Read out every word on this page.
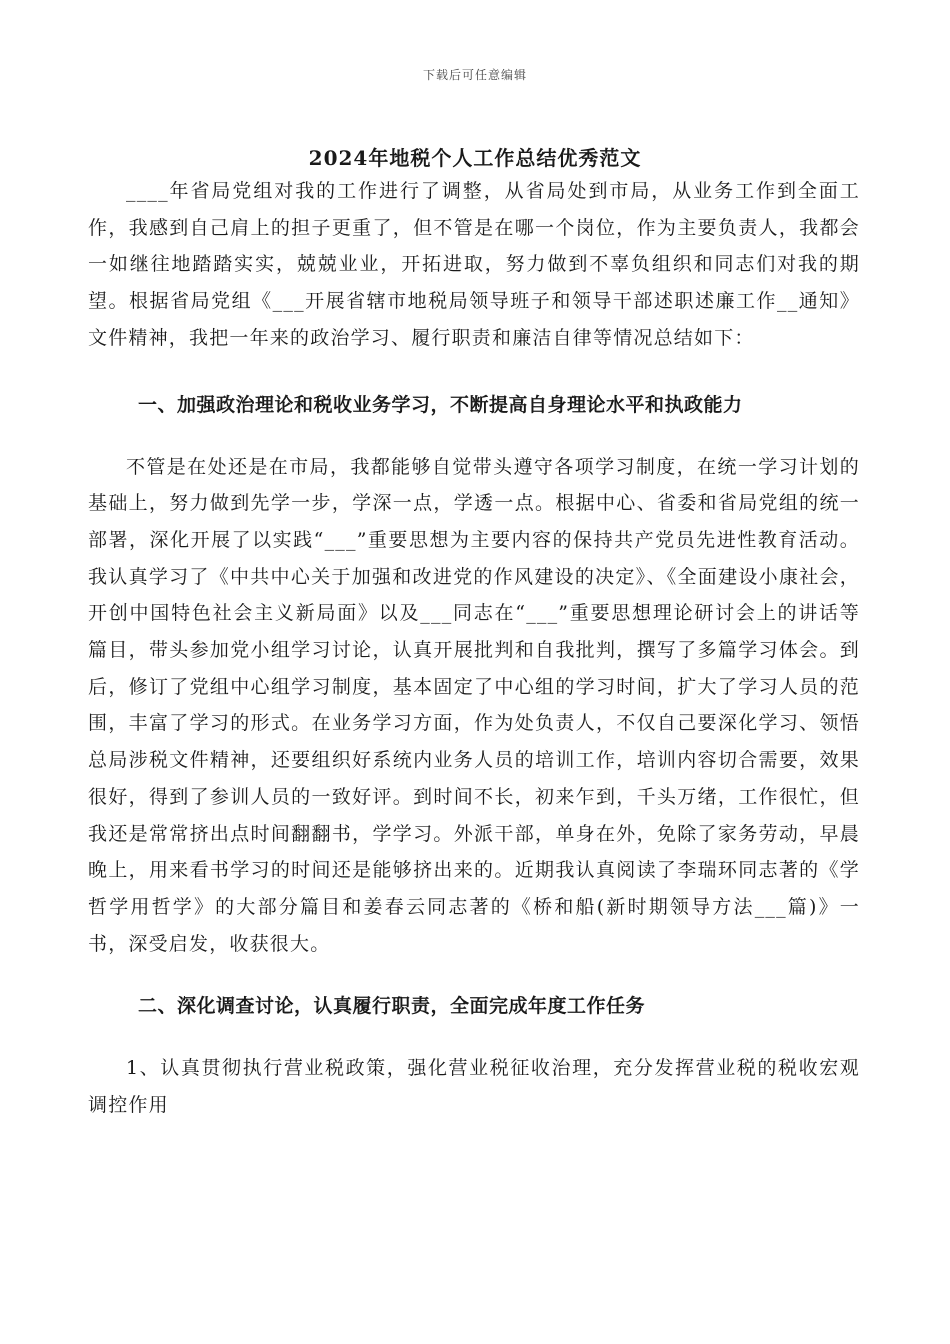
下载后可任意编辑
2024年地税个人工作总结优秀范文

____年省局党组对我的工作进行了调整，从省局处到市局，从业务工作到全面工作，我感到自己肩上的担子更重了，但不管是在哪一个岗位，作为主要负责人，我都会一如继往地踏踏实实，兢兢业业，开拓进取，努力做到不辜负组织和同志们对我的期望。根据省局党组《___开展省辖市地税局领导班子和领导干部述职述廉工作__通知》文件精神，我把一年来的政治学习、履行职责和廉洁自律等情况总结如下：

一、加强政治理论和税收业务学习，不断提高自身理论水平和执政能力

不管是在处还是在市局，我都能够自觉带头遵守各项学习制度，在统一学习计划的基础上，努力做到先学一步，学深一点，学透一点。根据中心、省委和省局党组的统一部署，深化开展了以实践“___”重要思想为主要内容的保持共产党员先进性教育活动。我认真学习了《中共中心关于加强和改进党的作风建设的决定》、《全面建设小康社会，开创中国特色社会主义新局面》以及___同志在“___”重要思想理论研讨会上的讲话等篇目，带头参加党小组学习讨论，认真开展批判和自我批判，撰写了多篇学习体会。到后，修订了党组中心组学习制度，基本固定了中心组的学习时间，扩大了学习人员的范围，丰富了学习的形式。在业务学习方面，作为处负责人，不仅自己要深化学习、领悟总局涉税文件精神，还要组织好系统内业务人员的培训工作，培训内容切合需要，效果很好，得到了参训人员的一致好评。到时间不长，初来乍到，千头万绪，工作很忙，但我还是常常挤出点时间翻翻书，学学习。外派干部，单身在外，免除了家务劳动，早晨晚上，用来看书学习的时间还是能够挤出来的。近期我认真阅读了李瑞环同志著的《学哲学用哲学》的大部分篇目和姜春云同志著的《桥和船(新时期领导方法___篇)》一书，深受启发，收获很大。

二、深化调查讨论，认真履行职责，全面完成年度工作任务

1、认真贯彻执行营业税政策，强化营业税征收治理，充分发挥营业税的税收宏观调控作用
